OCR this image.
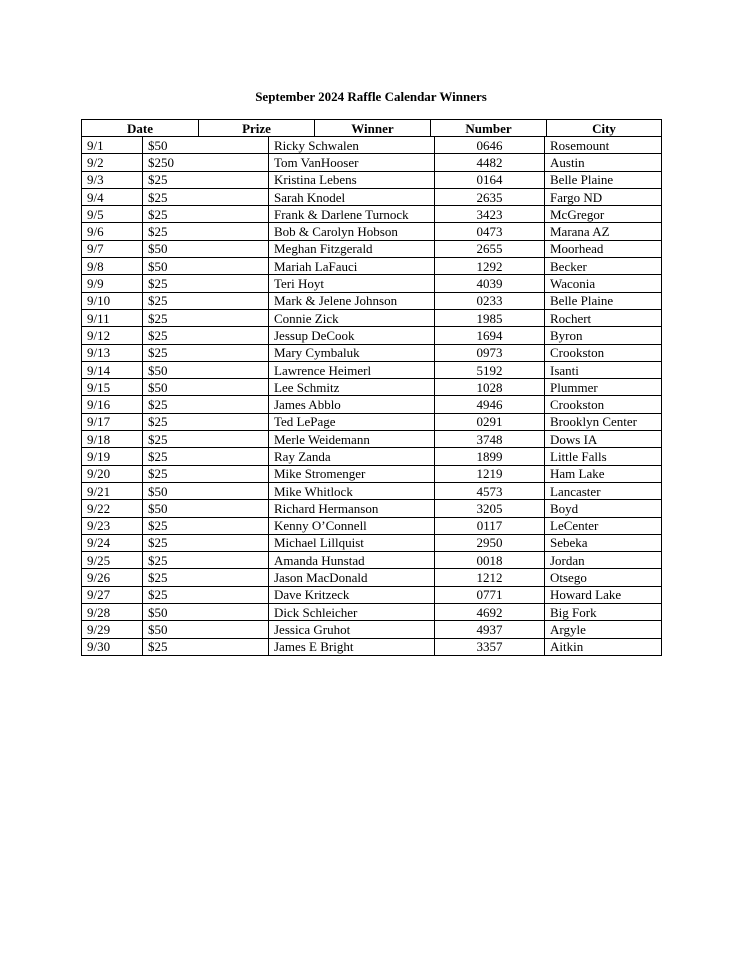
September 2024 Raffle Calendar Winners
Date	Prize	Winner	Number	City
9/1	$50	Ricky Schwalen	0646	Rosemount
9/2	$250	Tom VanHooser	4482	Austin
9/3	$25	Kristina Lebens	0164	Belle Plaine
9/4	$25	Sarah Knodel	2635	Fargo ND
9/5	$25	Frank & Darlene Turnock	3423	McGregor
9/6	$25	Bob & Carolyn Hobson	0473	Marana AZ
9/7	$50	Meghan Fitzgerald	2655	Moorhead
9/8	$50	Mariah LaFauci	1292	Becker
9/9	$25	Teri Hoyt	4039	Waconia
9/10	$25	Mark & Jelene Johnson	0233	Belle Plaine
9/11	$25	Connie Zick	1985	Rochert
9/12	$25	Jessup DeCook	1694	Byron
9/13	$25	Mary Cymbaluk	0973	Crookston
9/14	$50	Lawrence Heimerl	5192	Isanti
9/15	$50	Lee Schmitz	1028	Plummer
9/16	$25	James Abblo	4946	Crookston
9/17	$25	Ted LePage	0291	Brooklyn Center
9/18	$25	Merle Weidemann	3748	Dows IA
9/19	$25	Ray Zanda	1899	Little Falls
9/20	$25	Mike Stromenger	1219	Ham Lake
9/21	$50	Mike Whitlock	4573	Lancaster
9/22	$50	Richard Hermanson	3205	Boyd
9/23	$25	Kenny O’Connell	0117	LeCenter
9/24	$25	Michael Lillquist	2950	Sebeka
9/25	$25	Amanda Hunstad	0018	Jordan
9/26	$25	Jason MacDonald	1212	Otsego
9/27	$25	Dave Kritzeck	0771	Howard Lake
9/28	$50	Dick Schleicher	4692	Big Fork
9/29	$50	Jessica Gruhot	4937	Argyle
9/30	$25	James E Bright	3357	Aitkin
